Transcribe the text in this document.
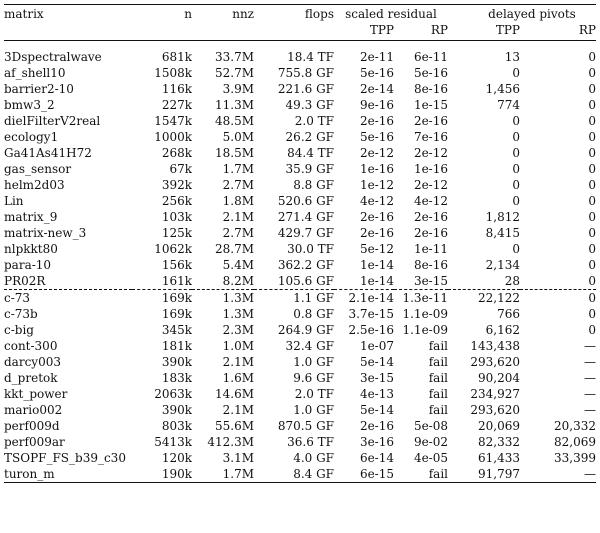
matrix	n	nnz	flops	scaled residual		delayed pivots	
				TPP	RP	TPP	RP

3Dspectralwave	681k	33.7M	18.4 TF	2e-11	6e-11	13	0
af_shell10	1508k	52.7M	755.8 GF	5e-16	5e-16	0	0
barrier2-10	116k	3.9M	221.6 GF	2e-14	8e-16	1,456	0
bmw3_2	227k	11.3M	49.3 GF	9e-16	1e-15	774	0
dielFilterV2real	1547k	48.5M	2.0 TF	2e-16	2e-16	0	0
ecology1	1000k	5.0M	26.2 GF	5e-16	7e-16	0	0
Ga41As41H72	268k	18.5M	84.4 TF	2e-12	2e-12	0	0
gas_sensor	67k	1.7M	35.9 GF	1e-16	1e-16	0	0
helm2d03	392k	2.7M	8.8 GF	1e-12	2e-12	0	0
Lin	256k	1.8M	520.6 GF	4e-12	4e-12	0	0
matrix_9	103k	2.1M	271.4 GF	2e-16	2e-16	1,812	0
matrix-new_3	125k	2.7M	429.7 GF	2e-16	2e-16	8,415	0
nlpkkt80	1062k	28.7M	30.0 TF	5e-12	1e-11	0	0
para-10	156k	5.4M	362.2 GF	1e-14	8e-16	2,134	0
PR02R	161k	8.2M	105.6 GF	1e-14	3e-15	28	0
c-73	169k	1.3M	1.1 GF	2.1e-14	1.3e-11	22,122	0
c-73b	169k	1.3M	0.8 GF	3.7e-15	1.1e-09	766	0
c-big	345k	2.3M	264.9 GF	2.5e-16	1.1e-09	6,162	0
cont-300	181k	1.0M	32.4 GF	1e-07	fail	143,438	—
darcy003	390k	2.1M	1.0 GF	5e-14	fail	293,620	—
d_pretok	183k	1.6M	9.6 GF	3e-15	fail	90,204	—
kkt_power	2063k	14.6M	2.0 TF	4e-13	fail	234,927	—
mario002	390k	2.1M	1.0 GF	5e-14	fail	293,620	—
perf009d	803k	55.6M	870.5 GF	2e-16	5e-08	20,069	20,332
perf009ar	5413k	412.3M	36.6 TF	3e-16	9e-02	82,332	82,069
TSOPF_FS_b39_c30	120k	3.1M	4.0 GF	6e-14	4e-05	61,433	33,399
turon_m	190k	1.7M	8.4 GF	6e-15	fail	91,797	—
